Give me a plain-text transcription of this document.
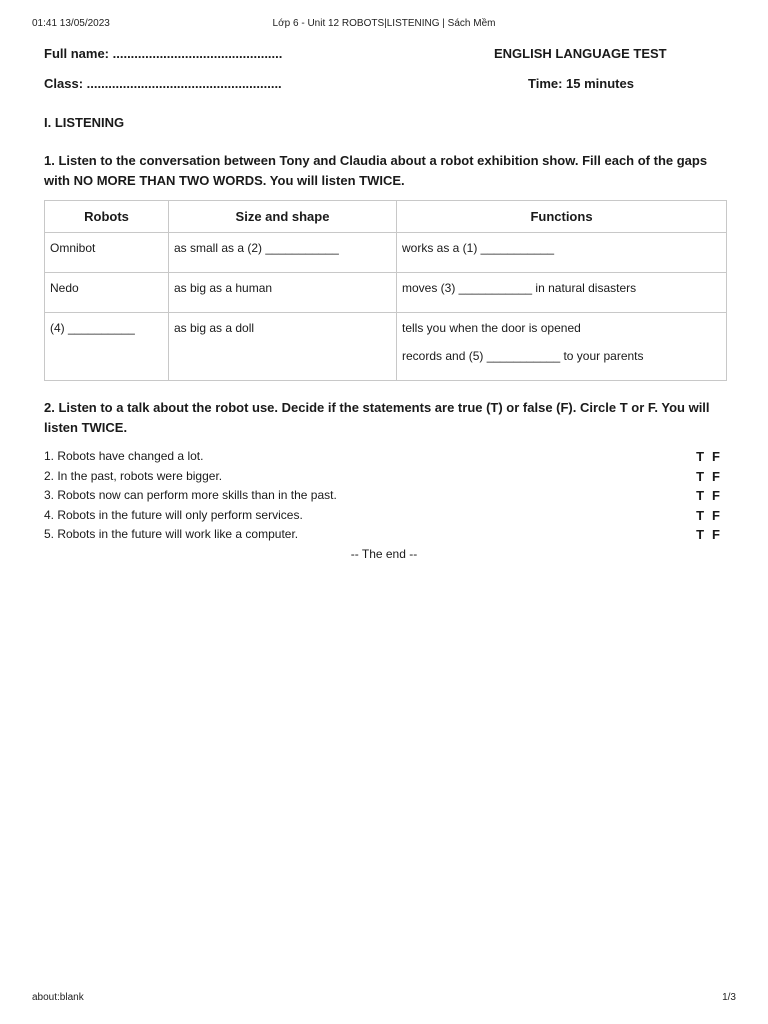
01:41 13/05/2023	Lớp 6 - Unit 12 ROBOTS|LISTENING | Sách Mềm
Full name: ...............................................	ENGLISH LANGUAGE TEST
Class: ......................................................	Time: 15 minutes
I. LISTENING
1. Listen to the conversation between Tony and Claudia about a robot exhibition show. Fill each of the gaps with NO MORE THAN TWO WORDS. You will listen TWICE.
Robots	Size and shape	Functions
Omnibot	as small as a (2) ___________	works as a (1) ___________

Nedo	as big as a human	moves (3) ___________ in natural disasters

(4) __________	as big as a doll	tells you when the door is opened
records and (5) ___________ to your parents
2. Listen to a talk about the robot use. Decide if the statements are true (T) or false (F). Circle T or F. You will listen TWICE.
1. Robots have changed a lot.	T F
2. In the past, robots were bigger.	T F
3. Robots now can perform more skills than in the past.	T F
4. Robots in the future will only perform services.	T F
5. Robots in the future will work like a computer.	T F
-- The end --
about:blank	1/3
